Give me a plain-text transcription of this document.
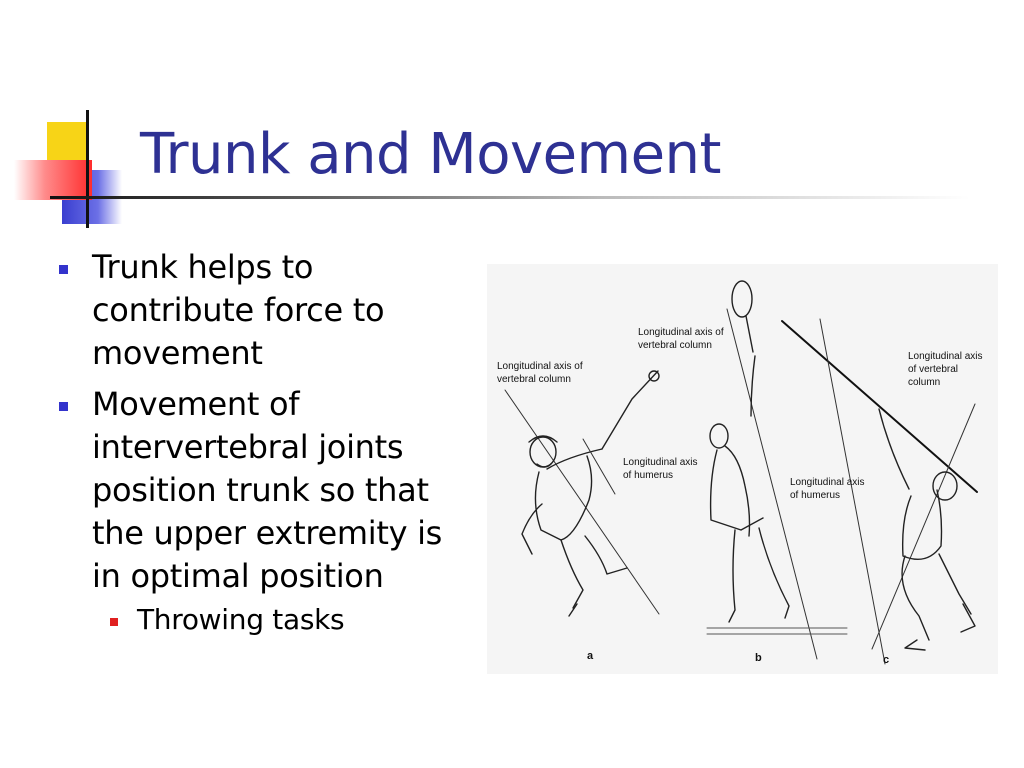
Trunk and Movement
Trunk helps to contribute force to movement
Movement of intervertebral joints position trunk so that the upper extremity is in optimal position
Throwing tasks
Longitudinal axis of
vertebral column
Longitudinal axis
of humerus
Longitudinal axis of
vertebral column
Longitudinal axis
of humerus
Longitudinal axis
of vertebral
column
a	b	c
